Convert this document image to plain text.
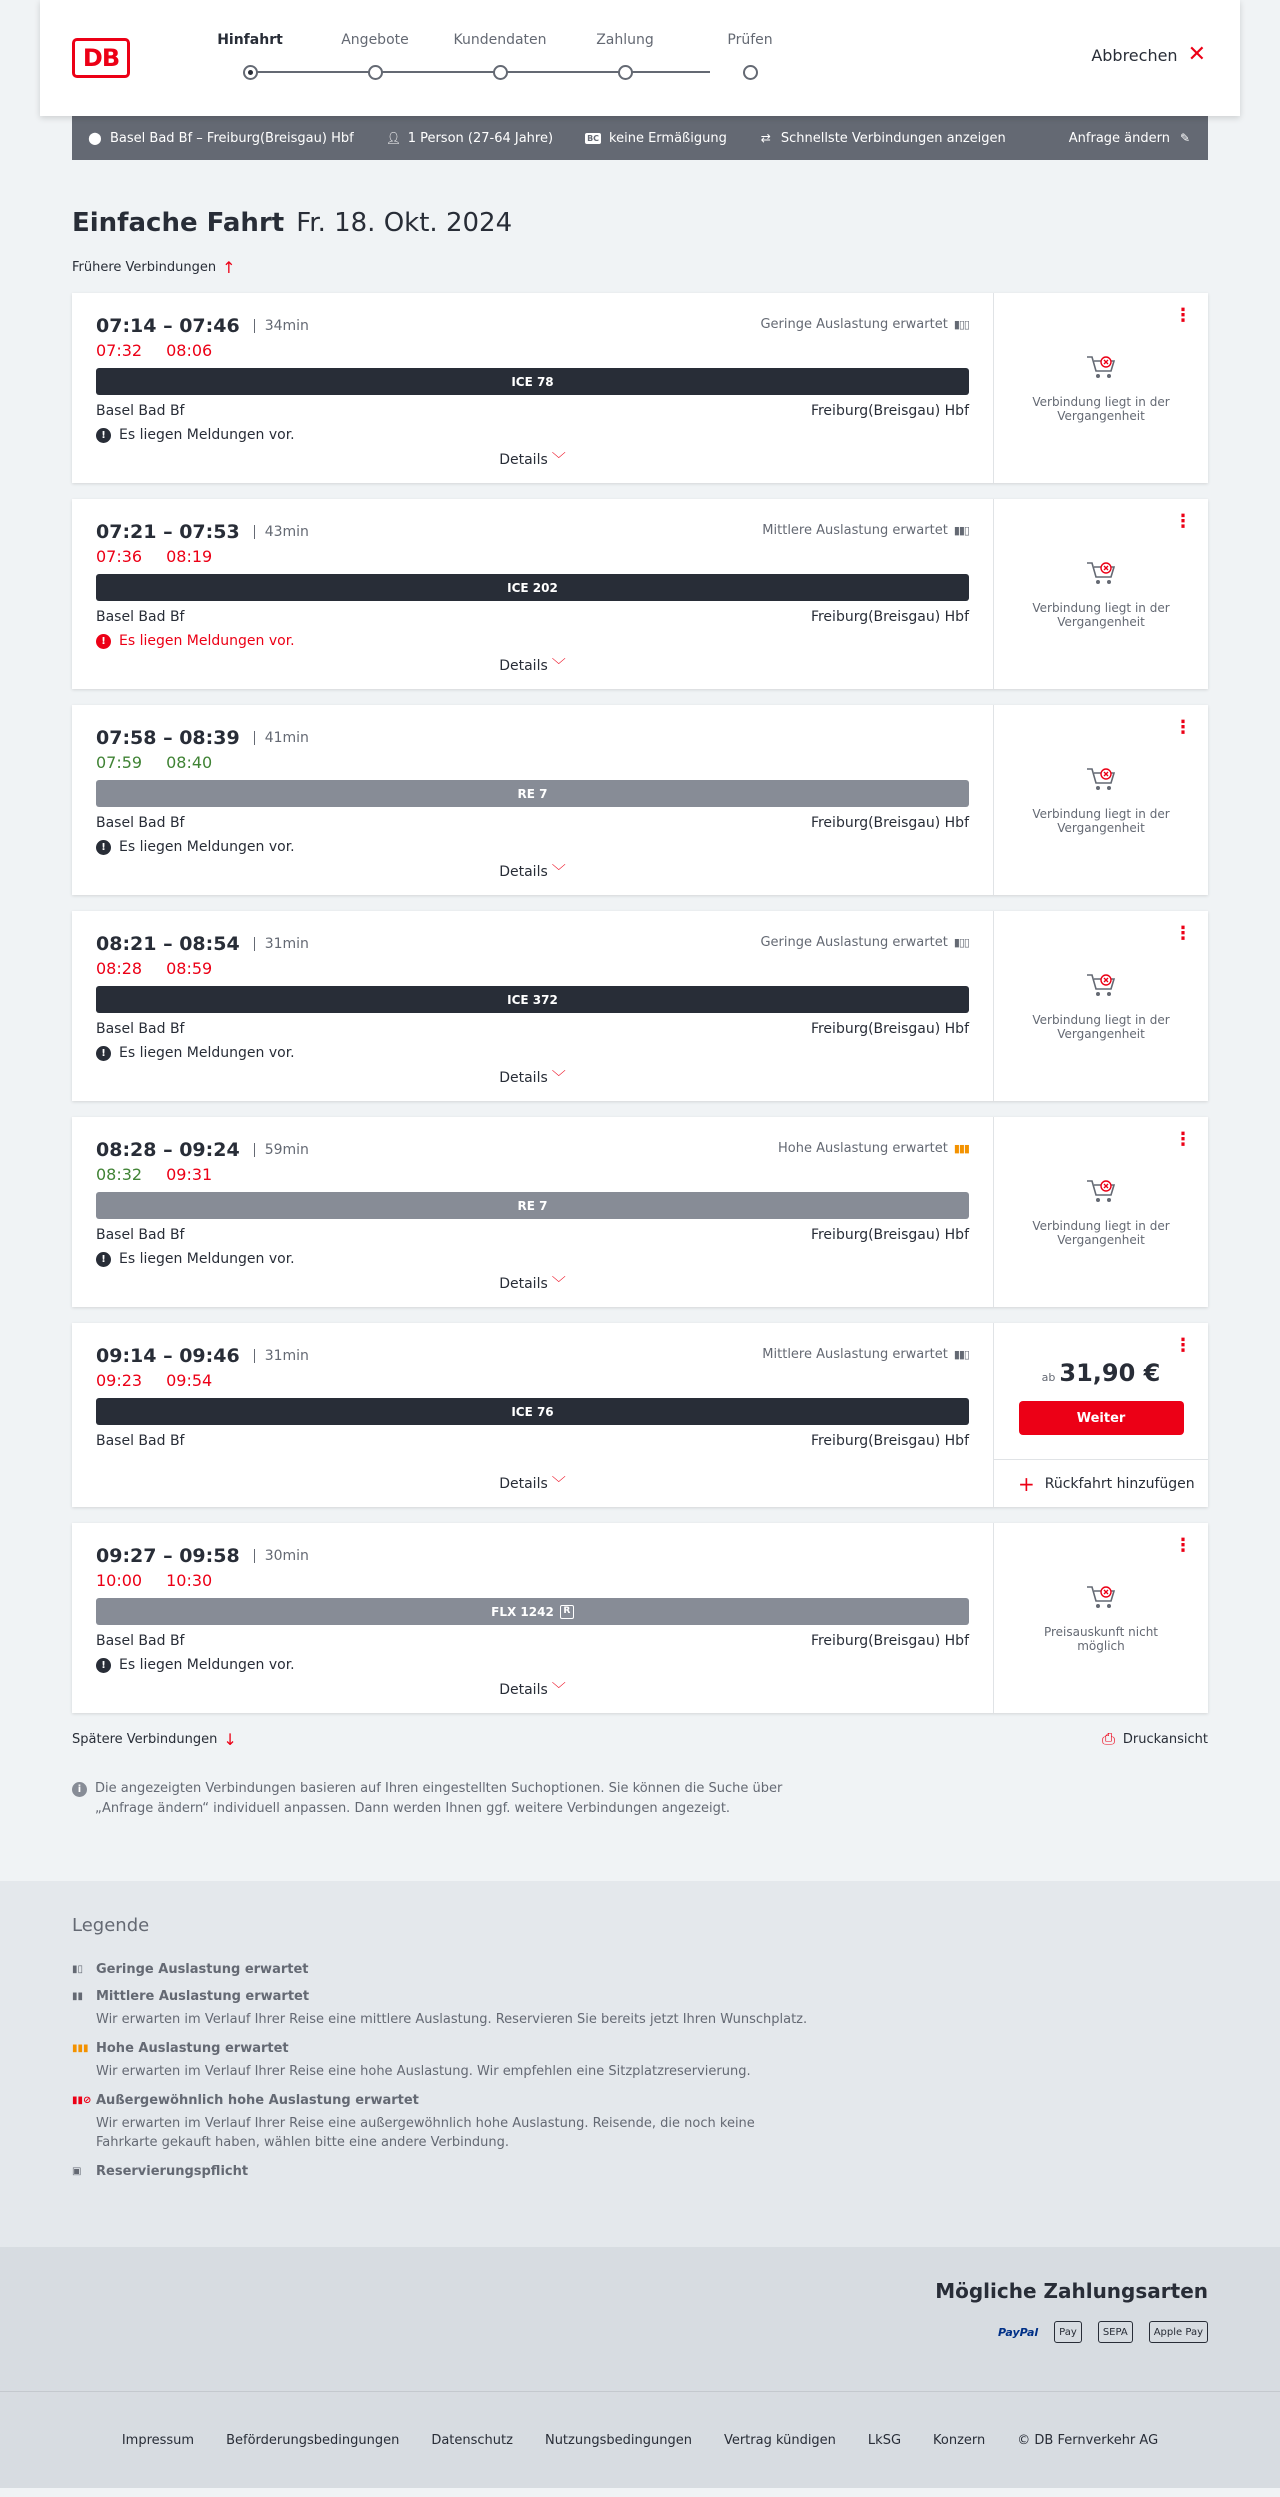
DB
Hinfahrt	Angebote	Kundendaten	Zahlung	Prüfen
Abbrechen ✕
⬤ Basel Bad Bf – Freiburg(Breisgau) Hbf	👤︎ 1 Person (27-64 Jahre)	BC keine Ermäßigung	⇄ Schnellste Verbindungen anzeigen	Anfrage ändern ✎
Einfache Fahrt Fr. 18. Okt. 2024
Frühere Verbindungen ↑
07:14 – 07:46	34min	Geringe Auslastung erwartet ▮▯▯
07:32 08:06
ICE 78
Basel Bad Bf	Freiburg(Breisgau) Hbf
! Es liegen Meldungen vor.
Details ﹀
⋮
Verbindung liegt in der Vergangenheit
07:21 – 07:53	43min	Mittlere Auslastung erwartet ▮▮▯
07:36 08:19
ICE 202
Basel Bad Bf	Freiburg(Breisgau) Hbf
! Es liegen Meldungen vor.
Details ﹀
⋮
Verbindung liegt in der Vergangenheit
07:58 – 08:39	41min
07:59 08:40
RE 7
Basel Bad Bf	Freiburg(Breisgau) Hbf
! Es liegen Meldungen vor.
Details ﹀
⋮
Verbindung liegt in der Vergangenheit
08:21 – 08:54	31min	Geringe Auslastung erwartet ▮▯▯
08:28 08:59
ICE 372
Basel Bad Bf	Freiburg(Breisgau) Hbf
! Es liegen Meldungen vor.
Details ﹀
⋮
Verbindung liegt in der Vergangenheit
08:28 – 09:24	59min	Hohe Auslastung erwartet ▮▮▮
08:32 09:31
RE 7
Basel Bad Bf	Freiburg(Breisgau) Hbf
! Es liegen Meldungen vor.
Details ﹀
⋮
Verbindung liegt in der Vergangenheit
09:14 – 09:46	31min	Mittlere Auslastung erwartet ▮▮▯
09:23 09:54
ICE 76
Basel Bad Bf	Freiburg(Breisgau) Hbf
Details ﹀
⋮
ab 31,90 €
Weiter
+ Rückfahrt hinzufügen
09:27 – 09:58	30min
10:00 10:30
FLX 1242	R
Basel Bad Bf	Freiburg(Breisgau) Hbf
! Es liegen Meldungen vor.
Details ﹀
⋮
Preisauskunft nicht möglich
Spätere Verbindungen ↓	⎙ Druckansicht
i	Die angezeigten Verbindungen basieren auf Ihren eingestellten Suchoptionen. Sie können die Suche über „Anfrage ändern“ individuell anpassen. Dann werden Ihnen ggf. weitere Verbindungen angezeigt.
Legende
▮▯ Geringe Auslastung erwartet
▮▮ Mittlere Auslastung erwartet
Wir erwarten im Verlauf Ihrer Reise eine mittlere Auslastung. Reservieren Sie bereits jetzt Ihren Wunschplatz.
▮▮▮ Hohe Auslastung erwartet
Wir erwarten im Verlauf Ihrer Reise eine hohe Auslastung. Wir empfehlen eine Sitzplatzreservierung.
▮▮⊘ Außergewöhnlich hohe Auslastung erwartet
Wir erwarten im Verlauf Ihrer Reise eine außergewöhnlich hohe Auslastung. Reisende, die noch keine Fahrkarte gekauft haben, wählen bitte eine andere Verbindung.
▣	Reservierungspflicht
Mögliche Zahlungsarten
PayPal	Pay	SEPA	Apple Pay
Impressum Beförderungsbedingungen Datenschutz Nutzungsbedingungen Vertrag kündigen LkSG Konzern © DB Fernverkehr AG
